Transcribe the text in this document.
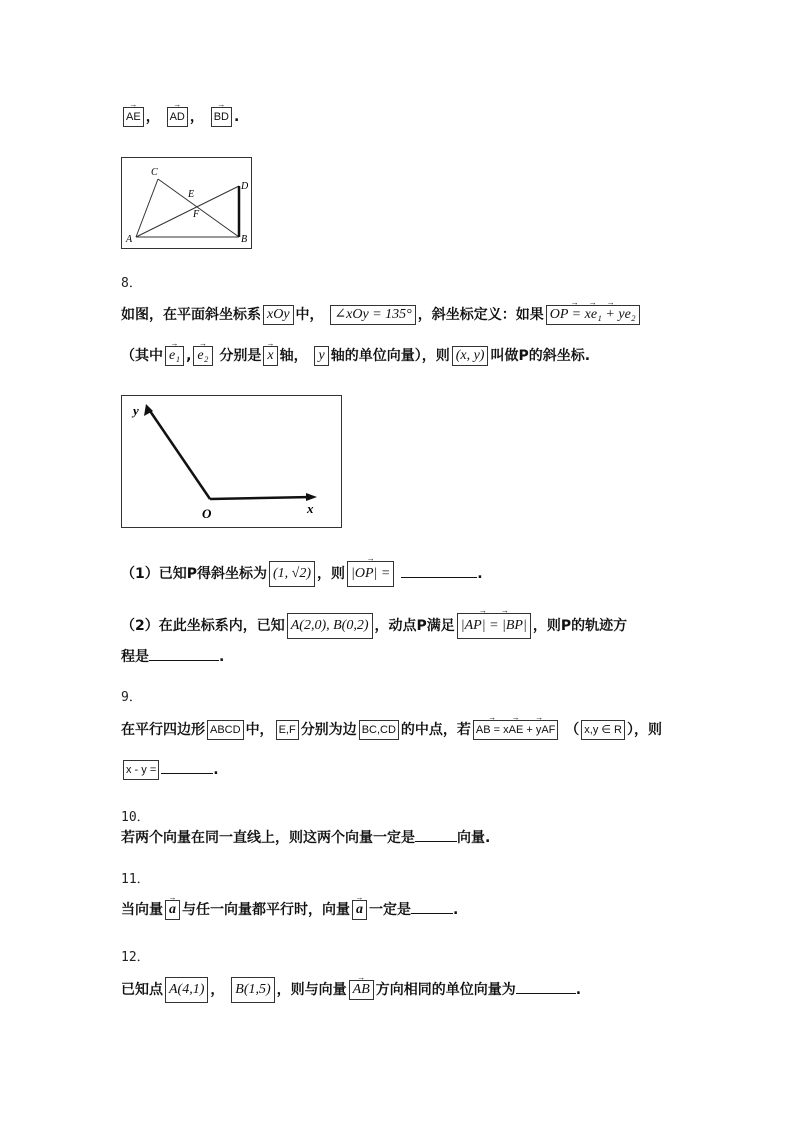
→
AE ，
→
AD ，
→
BD .
A	B
C
D
E
F
8．
如图，在平面斜坐标系 xOy 中， ∠xOy = 135° ，斜坐标定义：如果
→     →     →
OP = xe₁ + ye₂
（其中
→
e₁ ,
→
e₂ 分别是
→
x 轴， y 轴的单位向量），则 (x, y) 叫做P的斜坐标.
y
O	x
（1）已知P得斜坐标为 (1, √2) ，则
→
|OP| =	.
（2）在此坐标系内，已知 A(2,0), B(0,2) ，动点P满足
→       →
|AP| = |BP| ，则P的轨迹方
程是	.
9．
在平行四边形 ABCD 中， E,F 分别为边 BC,CD 的中点，若
→       →       →
AB = xAE + yAF （ x,y ∈ R ），则
x - y =	.
10．
若两个向量在同一直线上，则这两个向量一定是	向量.
11．
当向量
→
a 与任一向量都平行时，向量
→
a 一定是	.
12．
已知点 A(4,1) ， B(1,5) ，则与向量
→
AB 方向相同的单位向量为	.
